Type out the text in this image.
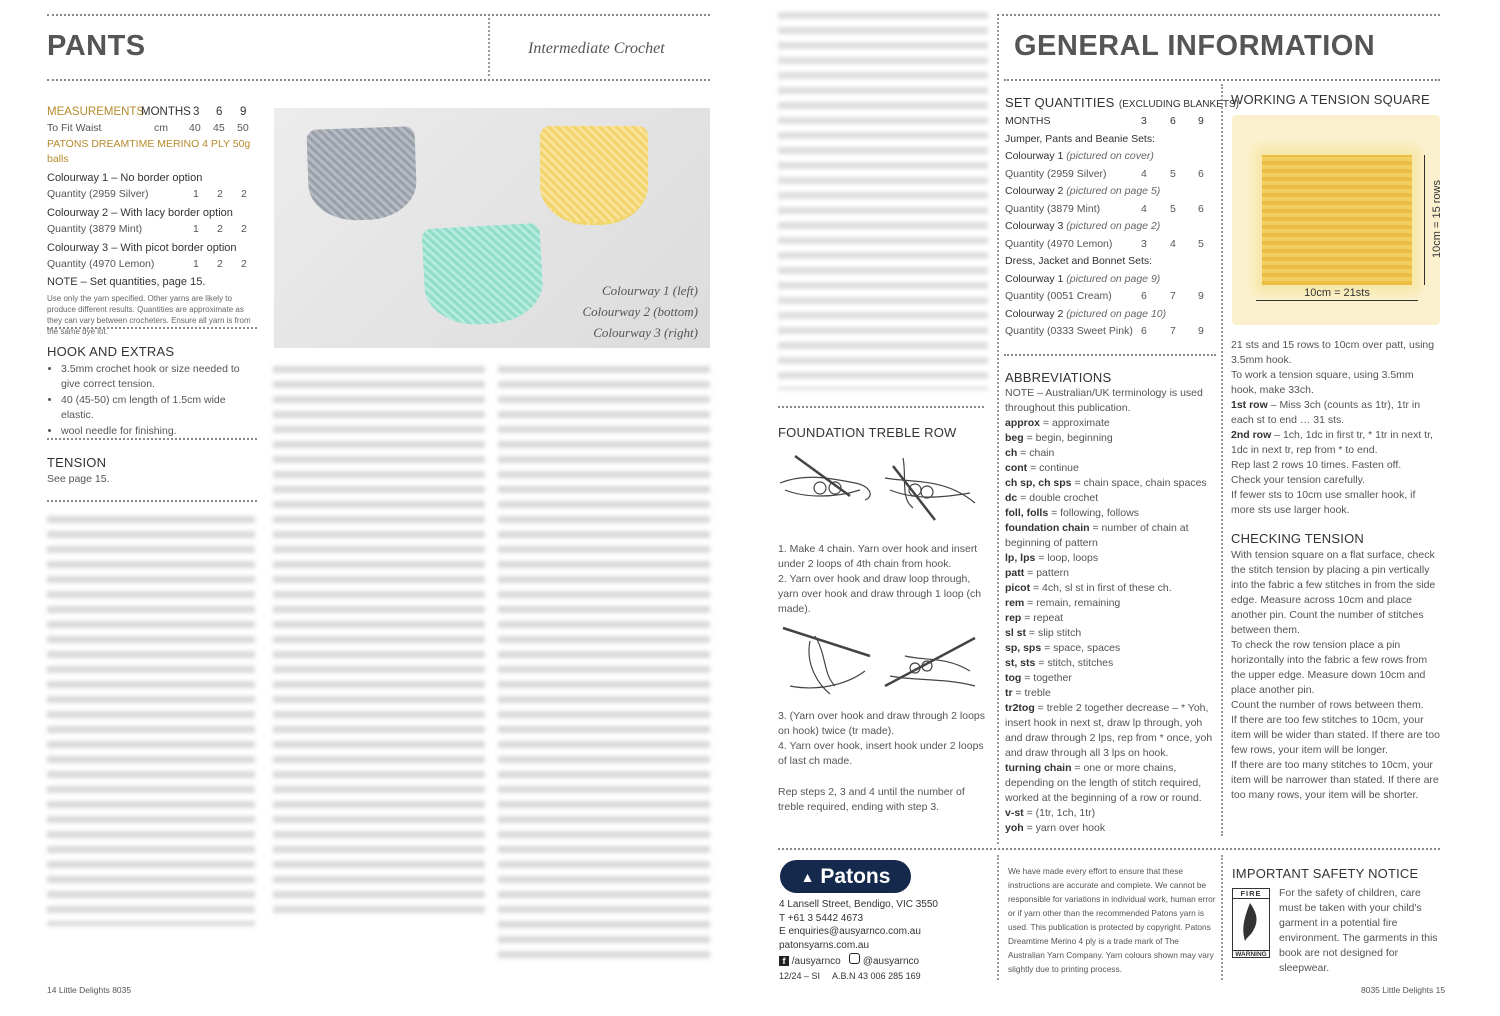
PANTS	Intermediate Crochet
MEASUREMENTS
MONTHS 3 6 9
To Fit Waist	cm 40 45 50
PATONS DREAMTIME MERINO 4 PLY 50g balls
Colourway 1 – No border option
Quantity (2959 Silver)	1 2 2
Colourway 2 – With lacy border option
Quantity (3879 Mint)	1 2 2
Colourway 3 – With picot border option
Quantity (4970 Lemon)	1 2 2
NOTE – Set quantities, page 15.
Use only the yarn specified. Other yarns are likely to produce different results. Quantities are approximate as they can vary between crocheters. Ensure all yarn is from the same dye lot.
HOOK AND EXTRAS
• 3.5mm crochet hook or size needed to give correct tension.
• 40 (45-50) cm length of 1.5cm wide elastic.
• wool needle for finishing.
TENSION
See page 15.
Colourway 1 (left)
Colourway 2 (bottom)
Colourway 3 (right)
14 Little Delights 8035
GENERAL INFORMATION
SET QUANTITIES (EXCLUDING BLANKETS)
MONTHS	3 6 9
Jumper, Pants and Beanie Sets:
Colourway 1 (pictured on cover)
Quantity (2959 Silver)	4 5 6
Colourway 2 (pictured on page 5)
Quantity (3879 Mint)	4 5 6
Colourway 3 (pictured on page 2)
Quantity (4970 Lemon)	3 4 5
Dress, Jacket and Bonnet Sets:
Colourway 1 (pictured on page 9)
Quantity (0051 Cream)	6 7 9
Colourway 2 (pictured on page 10)
Quantity (0333 Sweet Pink) 6 7 9
ABBREVIATIONS
NOTE – Australian/UK terminology is used throughout this publication.
approx = approximate
beg = begin, beginning
ch = chain
cont = continue
ch sp, ch sps = chain space, chain spaces
dc = double crochet
foll, folls = following, follows
foundation chain = number of chain at beginning of pattern
lp, lps = loop, loops
patt = pattern
picot = 4ch, sl st in first of these ch.
rem = remain, remaining
rep = repeat
sl st = slip stitch
sp, sps = space, spaces
st, sts = stitch, stitches
tog = together
tr = treble
tr2tog = treble 2 together decrease – * Yoh, insert hook in next st, draw lp through, yoh and draw through 2 lps, rep from * once, yoh and draw through all 3 lps on hook.
turning chain = one or more chains, depending on the length of stitch required, worked at the beginning of a row or round.
v-st = (1tr, 1ch, 1tr)
yoh = yarn over hook
WORKING A TENSION SQUARE
10cm = 21sts
10cm = 15 rows
21 sts and 15 rows to 10cm over patt, using 3.5mm hook.
To work a tension square, using 3.5mm hook, make 33ch.
1st row – Miss 3ch (counts as 1tr), 1tr in each st to end … 31 sts.
2nd row – 1ch, 1dc in first tr, * 1tr in next tr, 1dc in next tr, rep from * to end.
Rep last 2 rows 10 times. Fasten off.
Check your tension carefully.
If fewer sts to 10cm use smaller hook, if more sts use larger hook.
CHECKING TENSION
With tension square on a flat surface, check the stitch tension by placing a pin vertically into the fabric a few stitches in from the side edge. Measure across 10cm and place another pin. Count the number of stitches between them.
To check the row tension place a pin horizontally into the fabric a few rows from the upper edge. Measure down 10cm and place another pin.
Count the number of rows between them.
If there are too few stitches to 10cm, your item will be wider than stated. If there are too few rows, your item will be longer.
If there are too many stitches to 10cm, your item will be narrower than stated. If there are too many rows, your item will be shorter.
FOUNDATION TREBLE ROW
1. Make 4 chain. Yarn over hook and insert under 2 loops of 4th chain from hook.
2. Yarn over hook and draw loop through, yarn over hook and draw through 1 loop (ch made).
3. (Yarn over hook and draw through 2 loops on hook) twice (tr made).
4. Yarn over hook, insert hook under 2 loops of last ch made.
Rep steps 2, 3 and 4 until the number of treble required, ending with step 3.
▲ Patons
4 Lansell Street, Bendigo, VIC 3550
T +61 3 5442 4673
E enquiries@ausyarnco.com.au
patonsyarns.com.au
f /ausyarnco @ausyarnco
12/24 – SI     A.B.N 43 006 285 169
We have made every effort to ensure that these instructions are accurate and complete. We cannot be responsible for variations in individual work, human error or if yarn other than the recommended Patons yarn is used. This publication is protected by copyright. Patons Dreamtime Merino 4 ply is a trade mark of The Australian Yarn Company. Yarn colours shown may vary slightly due to printing process.
IMPORTANT SAFETY NOTICE
FIRE
WARNING
For the safety of children, care must be taken with your child's garment in a potential fire environment. The garments in this book are not designed for sleepwear.
8035 Little Delights 15
